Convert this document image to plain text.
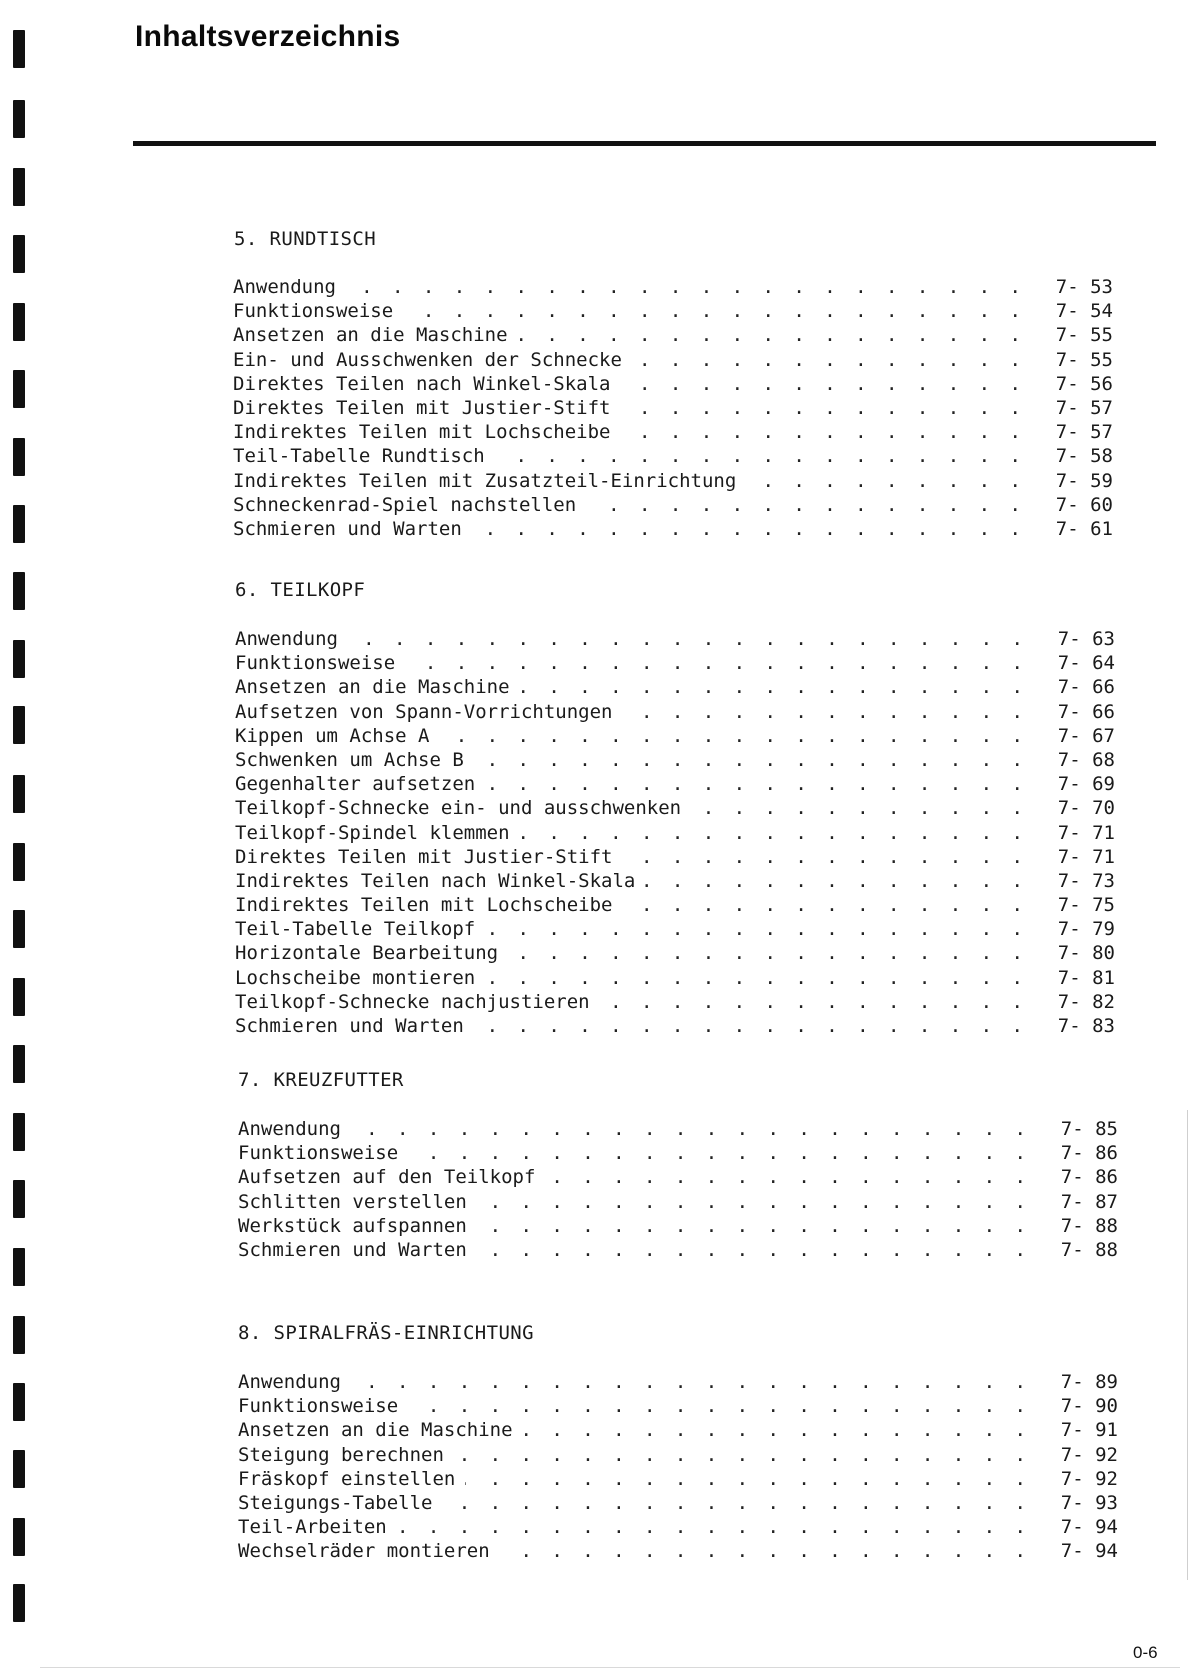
Inhaltsverzeichnis
5. RUNDTISCH
Anwendung . . .	7- 53
Funktionsweise . . .	7- 54
Ansetzen an die Maschine . . .	7- 55
Ein- und Ausschwenken der Schnecke . . .	7- 55
Direktes Teilen nach Winkel-Skala . . .	7- 56
Direktes Teilen mit Justier-Stift . . .	7- 57
Indirektes Teilen mit Lochscheibe . . .	7- 57
Teil-Tabelle Rundtisch . . .	7- 58
Indirektes Teilen mit Zusatzteil-Einrichtung . . .	7- 59
Schneckenrad-Spiel nachstellen . . .	7- 60
Schmieren und Warten . . .	7- 61
6. TEILKOPF
Anwendung . . .	7- 63
Funktionsweise . . .	7- 64
Ansetzen an die Maschine . . .	7- 66
Aufsetzen von Spann-Vorrichtungen . . .	7- 66
Kippen um Achse A . . .	7- 67
Schwenken um Achse B . . .	7- 68
Gegenhalter aufsetzen . . .	7- 69
Teilkopf-Schnecke ein- und ausschwenken . . .	7- 70
Teilkopf-Spindel klemmen . . .	7- 71
Direktes Teilen mit Justier-Stift . . .	7- 71
Indirektes Teilen nach Winkel-Skala . . .	7- 73
Indirektes Teilen mit Lochscheibe . . .	7- 75
Teil-Tabelle Teilkopf . . .	7- 79
Horizontale Bearbeitung . . .	7- 80
Lochscheibe montieren . . .	7- 81
Teilkopf-Schnecke nachjustieren . . .	7- 82
Schmieren und Warten . . .	7- 83
7. KREUZFUTTER
Anwendung . . .	7- 85
Funktionsweise . . .	7- 86
Aufsetzen auf den Teilkopf . . .	7- 86
Schlitten verstellen . . .	7- 87
Werkstück aufspannen . . .	7- 88
Schmieren und Warten . . .	7- 88
8. SPIRALFRÄS-EINRICHTUNG
Anwendung . . .	7- 89
Funktionsweise . . .	7- 90
Ansetzen an die Maschine . . .	7- 91
Steigung berechnen . . .	7- 92
Fräskopf einstellen . . .	7- 92
Steigungs-Tabelle . . .	7- 93
Teil-Arbeiten . . .	7- 94
Wechselräder montieren . . .	7- 94
0-6
